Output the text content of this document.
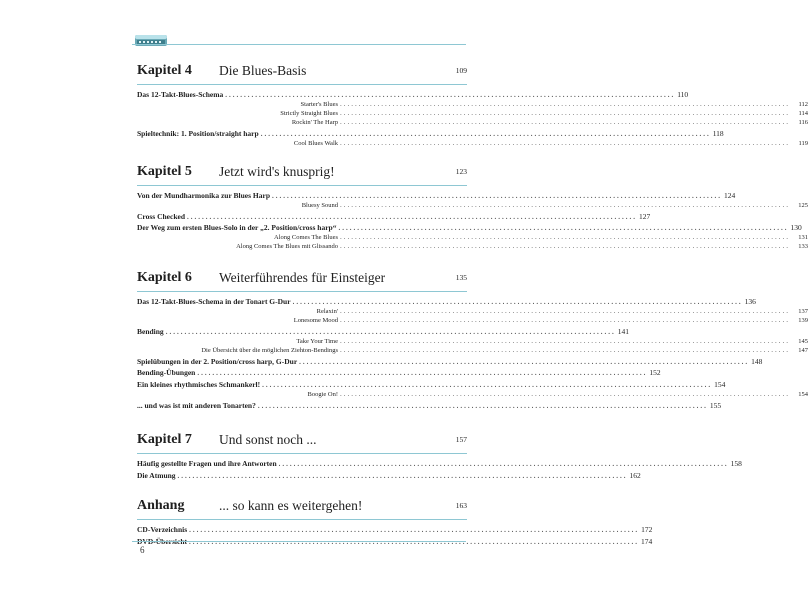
Kapitel 4 Die Blues-Basis	109
Das 12-Takt-Blues-Schema ........................................................................................................................ 110
........................................................................................................................
Starter's Blues	112
........................................................................................................................
Strictly Straight Blues	114
........................................................................................................................
Rockin' The Harp	116
Spieltechnik: 1. Position/straight harp ........................................................................................................................ 118
........................................................................................................................
Cool Blues Walk	119
Kapitel 5 Jetzt wird's knusprig!	123
Von der Mundharmonika zur Blues Harp ........................................................................................................................ 124
........................................................................................................................
Bluesy Sound	125
Cross Checked ........................................................................................................................ 127
Der Weg zum ersten Blues-Solo in der „2. Position/cross harp“ ........................................................................................................................ 130
........................................................................................................................
Along Comes The Blues	131
........................................................................................................................
Along Comes The Blues mit Glissando	133
Kapitel 6 Weiterführendes für Einsteiger	135
Das 12-Takt-Blues-Schema in der Tonart G-Dur ........................................................................................................................ 136
........................................................................................................................
Relaxin'	137
........................................................................................................................
Lonesome Mood	139
Bending ........................................................................................................................ 141
........................................................................................................................
Take Your Time	145
........................................................................................................................
Die Übersicht über die möglichen Ziehton-Bendings	147
Spielübungen in der 2. Position/cross harp, G-Dur ........................................................................................................................ 148
Bending-Übungen ........................................................................................................................ 152
Ein kleines rhythmisches Schmankerl! ........................................................................................................................ 154
........................................................................................................................
Boogie On!	154
... und was ist mit anderen Tonarten? ........................................................................................................................ 155
Kapitel 7 Und sonst noch ...	157
Häufig gestellte Fragen und ihre Antworten ........................................................................................................................ 158
Die Atmung ........................................................................................................................ 162
Anhang	... so kann es weitergehen!	163
CD-Verzeichnis ........................................................................................................................ 172
DVD-Übersicht ........................................................................................................................ 174
6
